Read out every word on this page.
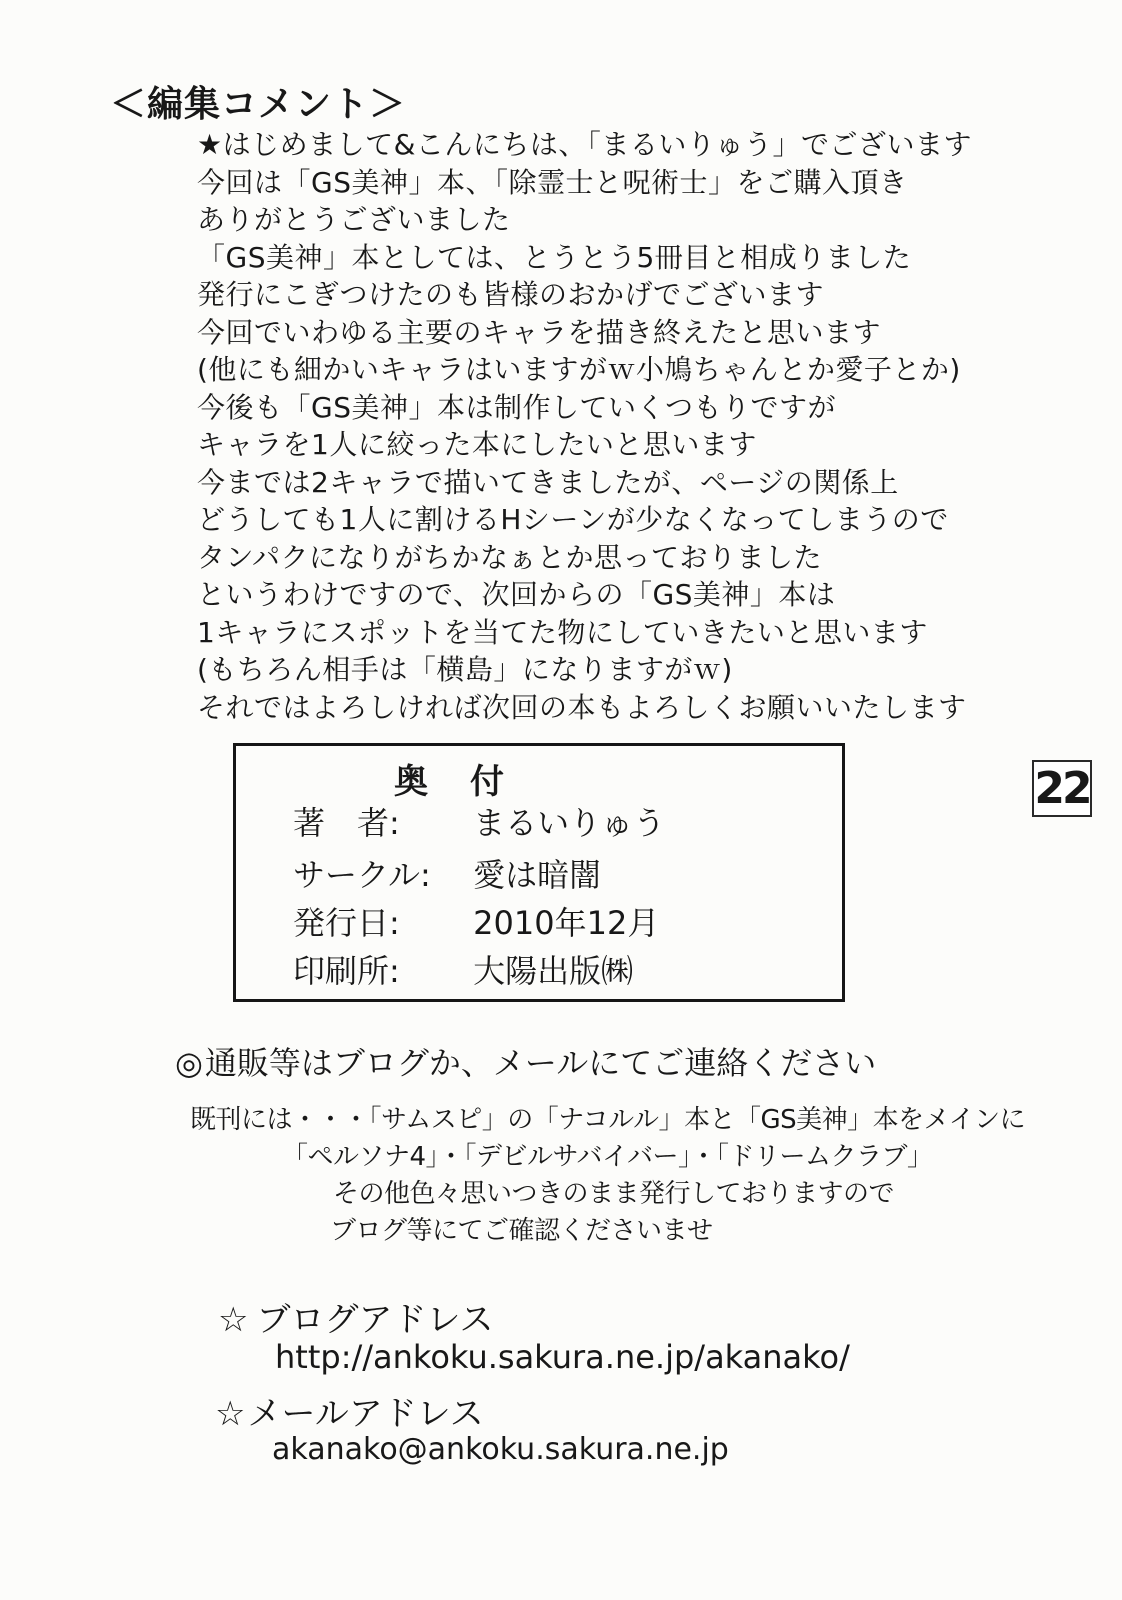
＜編集コメント＞
★はじめまして&こんにちは、「まるいりゅう」でございます
今回は「GS美神」本、「除霊士と呪術士」をご購入頂き
ありがとうございました
「GS美神」本としては、とうとう5冊目と相成りました
発行にこぎつけたのも皆様のおかげでございます
今回でいわゆる主要のキャラを描き終えたと思います
(他にも細かいキャラはいますがｗ小鳩ちゃんとか愛子とか)
今後も「GS美神」本は制作していくつもりですが
キャラを1人に絞った本にしたいと思います
今までは2キャラで描いてきましたが、ページの関係上
どうしても1人に割けるHシーンが少なくなってしまうので
タンパクになりがちかなぁとか思っておりました
というわけですので、次回からの「GS美神」本は
1キャラにスポットを当てた物にしていきたいと思います
(もちろん相手は「横島」になりますがｗ)
それではよろしければ次回の本もよろしくお願いいたします
奥　付
著　者: まるいりゅう
サークル: 愛は暗闇
発行日: 2010年12月
印刷所: 大陽出版㈱
22
◎通販等はブログか、メールにてご連絡ください
既刊には・・・「サムスピ」の「ナコルル」本と「GS美神」本をメインに
「ペルソナ4」・「デビルサバイバー」・「ドリームクラブ」
その他色々思いつきのまま発行しておりますので
ブログ等にてご確認くださいませ
☆ ブログアドレス
http://ankoku.sakura.ne.jp/akanako/
☆メールアドレス
akanako@ankoku.sakura.ne.jp
